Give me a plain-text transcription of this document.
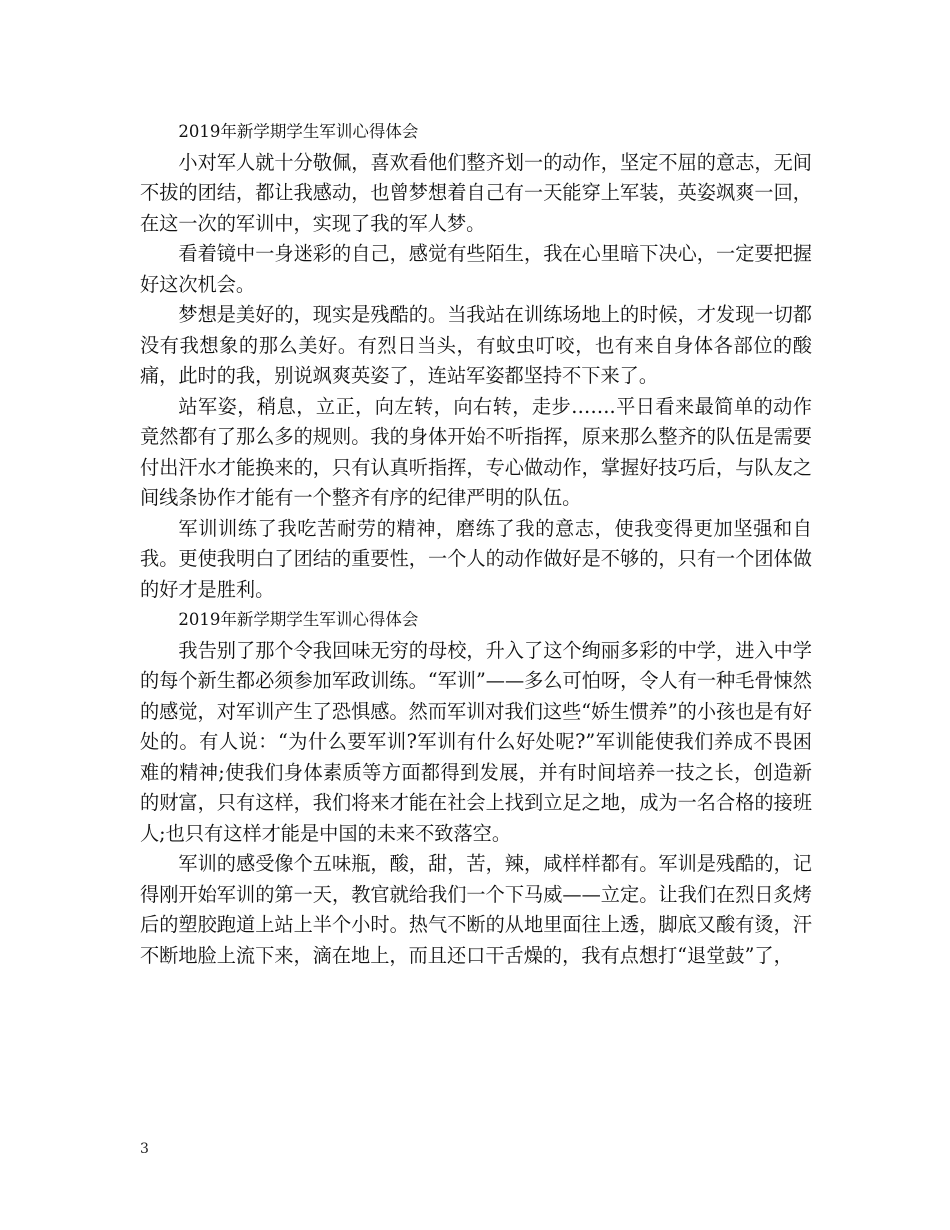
2019年新学期学生军训心得体会

小对军人就十分敬佩，喜欢看他们整齐划一的动作，坚定不屈的意志，无间不拔的团结，都让我感动，也曾梦想着自己有一天能穿上军装，英姿飒爽一回，在这一次的军训中，实现了我的军人梦。

看着镜中一身迷彩的自己，感觉有些陌生，我在心里暗下决心，一定要把握好这次机会。

梦想是美好的，现实是残酷的。当我站在训练场地上的时候，才发现一切都没有我想象的那么美好。有烈日当头，有蚊虫叮咬，也有来自身体各部位的酸痛，此时的我，别说飒爽英姿了，连站军姿都坚持不下来了。

站军姿，稍息，立正，向左转，向右转，走步…….平日看来最简单的动作竟然都有了那么多的规则。我的身体开始不听指挥，原来那么整齐的队伍是需要付出汗水才能换来的，只有认真听指挥，专心做动作，掌握好技巧后，与队友之间线条协作才能有一个整齐有序的纪律严明的队伍。

军训训练了我吃苦耐劳的精神，磨练了我的意志，使我变得更加坚强和自我。更使我明白了团结的重要性，一个人的动作做好是不够的，只有一个团体做的好才是胜利。

2019年新学期学生军训心得体会

我告别了那个令我回味无穷的母校，升入了这个绚丽多彩的中学，进入中学的每个新生都必须参加军政训练。“军训”——多么可怕呀，令人有一种毛骨悚然的感觉，对军训产生了恐惧感。然而军训对我们这些“娇生惯养”的小孩也是有好处的。有人说：“为什么要军训?军训有什么好处呢?”军训能使我们养成不畏困难的精神;使我们身体素质等方面都得到发展，并有时间培养一技之长，创造新的财富，只有这样，我们将来才能在社会上找到立足之地，成为一名合格的接班人;也只有这样才能是中国的未来不致落空。

军训的感受像个五味瓶，酸，甜，苦，辣，咸样样都有。军训是残酷的，记得刚开始军训的第一天，教官就给我们一个下马威——立定。让我们在烈日炙烤后的塑胶跑道上站上半个小时。热气不断的从地里面往上透，脚底又酸有烫，汗不断地脸上流下来，滴在地上，而且还口干舌燥的，我有点想打“退堂鼓”了，

3
